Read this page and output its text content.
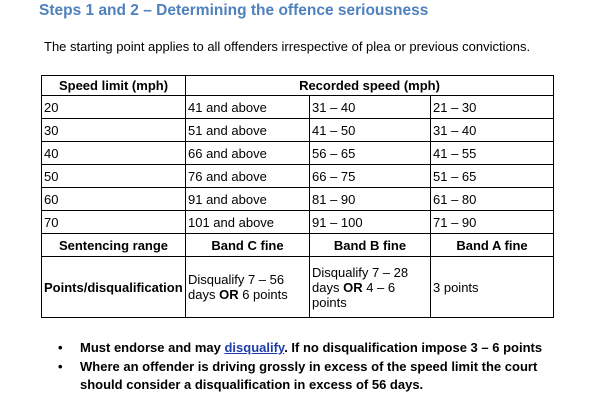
Steps 1 and 2 – Determining the offence seriousness
The starting point applies to all offenders irrespective of plea or previous convictions.
Speed limit (mph)	Recorded speed (mph)		
20	41 and above	31 – 40	21 – 30
30	51 and above	41 – 50	31 – 40
40	66 and above	56 – 65	41 – 55
50	76 and above	66 – 75	51 – 65
60	91 and above	81 – 90	61 – 80
70	101 and above	91 – 100	71 – 90
Sentencing range	Band C fine	Band B fine	Band A fine
Points/disqualification	Disqualify 7 – 56 days OR 6 points	Disqualify 7 – 28 days OR 4 – 6 points	3 points
• Must endorse and may disqualify. If no disqualification impose 3 – 6 points
• Where an offender is driving grossly in excess of the speed limit the court should consider a disqualification in excess of 56 days.
